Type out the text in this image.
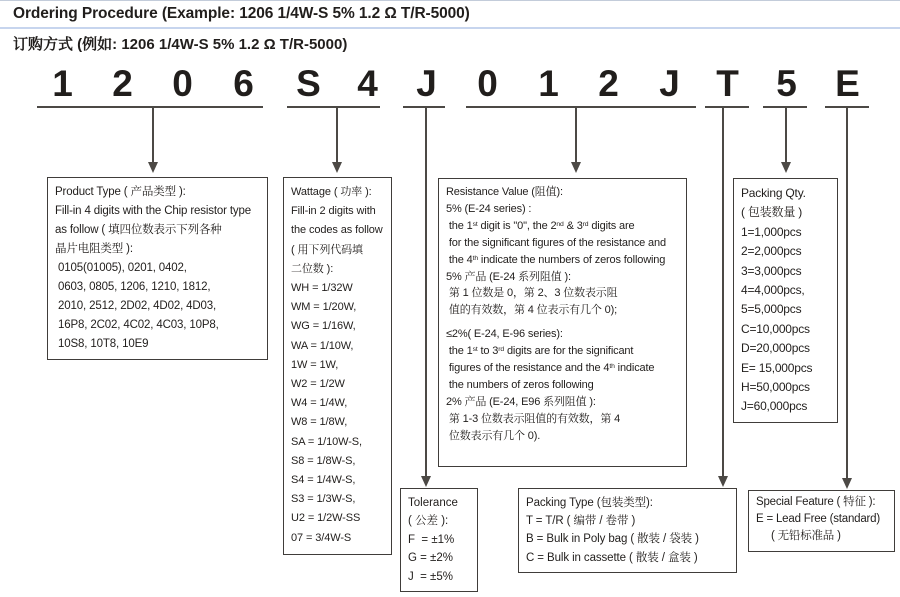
Ordering Procedure (Example: 1206 1/4W-S 5% 1.2 Ω T/R-5000)
订购方式 (例如: 1206 1/4W-S 5% 1.2 Ω T/R-5000)
1 2 0 6 S 4 J 0 1 2 J T 5 E
Product Type ( 产品类型 ):
Fill-in 4 digits with the Chip resistor type
as follow ( 填四位数表示下列各种
晶片电阻类型 ):
0105(01005), 0201, 0402,
0603, 0805, 1206, 1210, 1812,
2010, 2512, 2D02, 4D02, 4D03,
16P8, 2C02, 4C02, 4C03, 10P8,
10S8, 10T8, 10E9
Wattage ( 功率 ):
Fill-in 2 digits with
the codes as follow
( 用下列代码填
二位数 ):
WH = 1/32W
WM = 1/20W,
WG = 1/16W,
WA = 1/10W,
1W = 1W,
W2 = 1/2W
W4 = 1/4W,
W8 = 1/8W,
SA = 1/10W-S,
S8 = 1/8W-S,
S4 = 1/4W-S,
S3 = 1/3W-S,
U2 = 1/2W-SS
07 = 3/4W-S
Resistance Value (阻值):
5% (E-24 series) :
the 1st digit is "0", the 2nd & 3rd digits are
for the significant figures of the resistance and
the 4th indicate the numbers of zeros following
5% 产品 (E-24 系列阻值 ):
第 1 位数是 0，第 2、3 位数表示阻
值的有效数，第 4 位表示有几个 0);
≤2%( E-24, E-96 series):
the 1st to 3rd digits are for the significant
figures of the resistance and the 4th indicate
the numbers of zeros following
2% 产品 (E-24, E96 系列阻值 ):
第 1-3 位数表示阻值的有效数，第 4
位数表示有几个 0).
Packing Qty.
( 包装数量 )
1=1,000pcs
2=2,000pcs
3=3,000pcs
4=4,000pcs,
5=5,000pcs
C=10,000pcs
D=20,000pcs
E= 15,000pcs
H=50,000pcs
J=60,000pcs
Tolerance
( 公差 ):
F  = ±1%
G = ±2%
J  = ±5%
Packing Type (包装类型):
T = T/R ( 编带 / 卷带 )
B = Bulk in Poly bag ( 散装 / 袋装 )
C = Bulk in cassette ( 散装 / 盒装 )
Special Feature ( 特征 ):
E = Lead Free (standard)
( 无铅标准品 )
